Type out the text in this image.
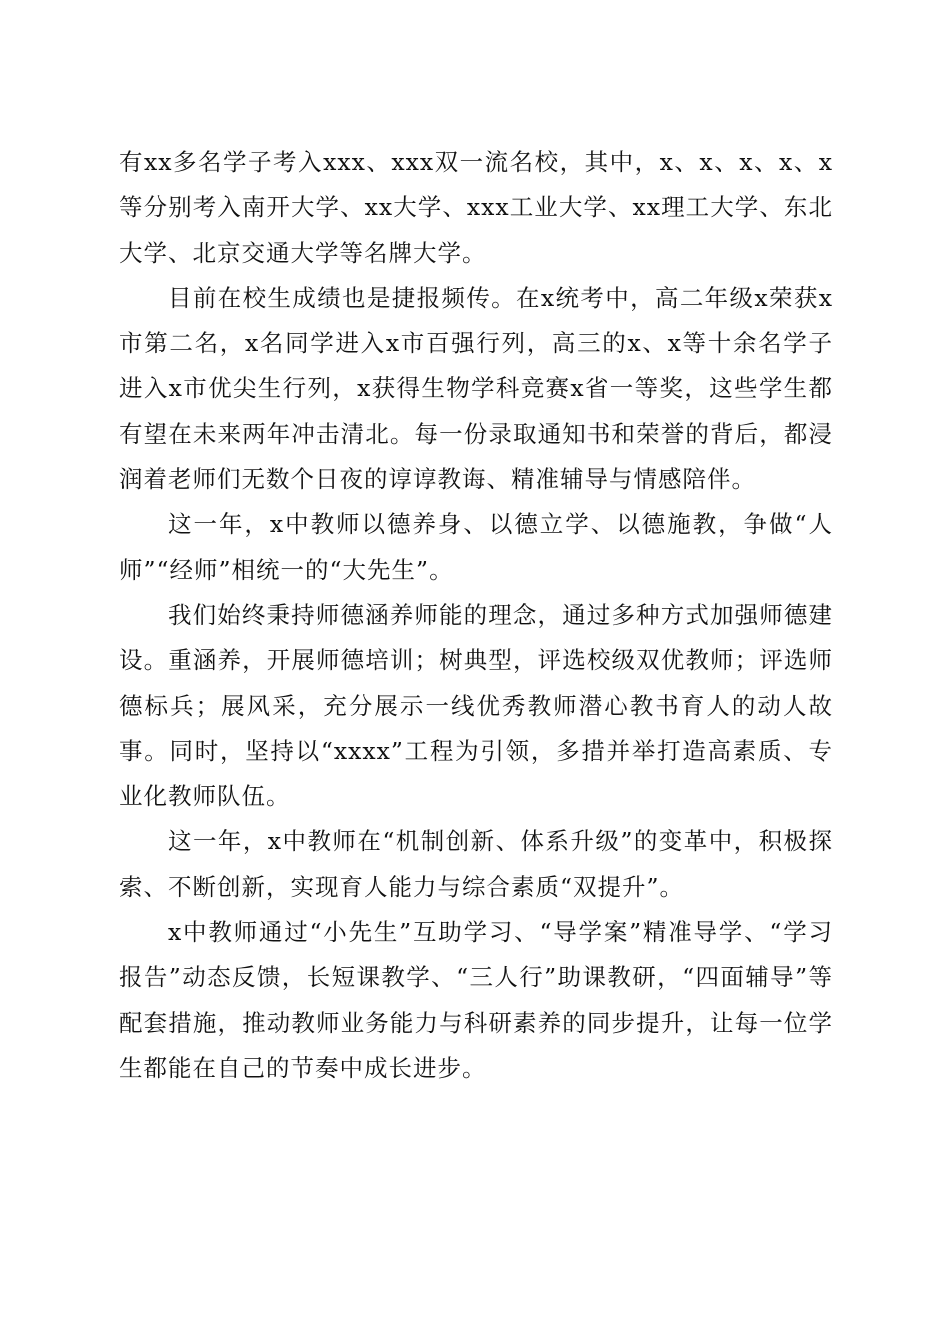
有xx多名学子考入xxx、xxx双一流名校，其中，x、x、x、x、x等分别考入南开大学、xx大学、xxx工业大学、xx理工大学、东北大学、北京交通大学等名牌大学。

目前在校生成绩也是捷报频传。在x统考中，高二年级x荣获x市第二名，x名同学进入x市百强行列，高三的x、x等十余名学子进入x市优尖生行列，x获得生物学科竞赛x省一等奖，这些学生都有望在未来两年冲击清北。每一份录取通知书和荣誉的背后，都浸润着老师们无数个日夜的谆谆教诲、精准辅导与情感陪伴。

这一年，x中教师以德养身、以德立学、以德施教，争做“人师”“经师”相统一的“大先生”。

我们始终秉持师德涵养师能的理念，通过多种方式加强师德建设。重涵养，开展师德培训；树典型，评选校级双优教师；评选师德标兵；展风采，充分展示一线优秀教师潜心教书育人的动人故事。同时，坚持以“xxxx”工程为引领，多措并举打造高素质、专业化教师队伍。

这一年，x中教师在“机制创新、体系升级”的变革中，积极探索、不断创新，实现育人能力与综合素质“双提升”。

x中教师通过“小先生”互助学习、“导学案”精准导学、“学习报告”动态反馈，长短课教学、“三人行”助课教研，“四面辅导”等配套措施，推动教师业务能力与科研素养的同步提升，让每一位学生都能在自己的节奏中成长进步。
